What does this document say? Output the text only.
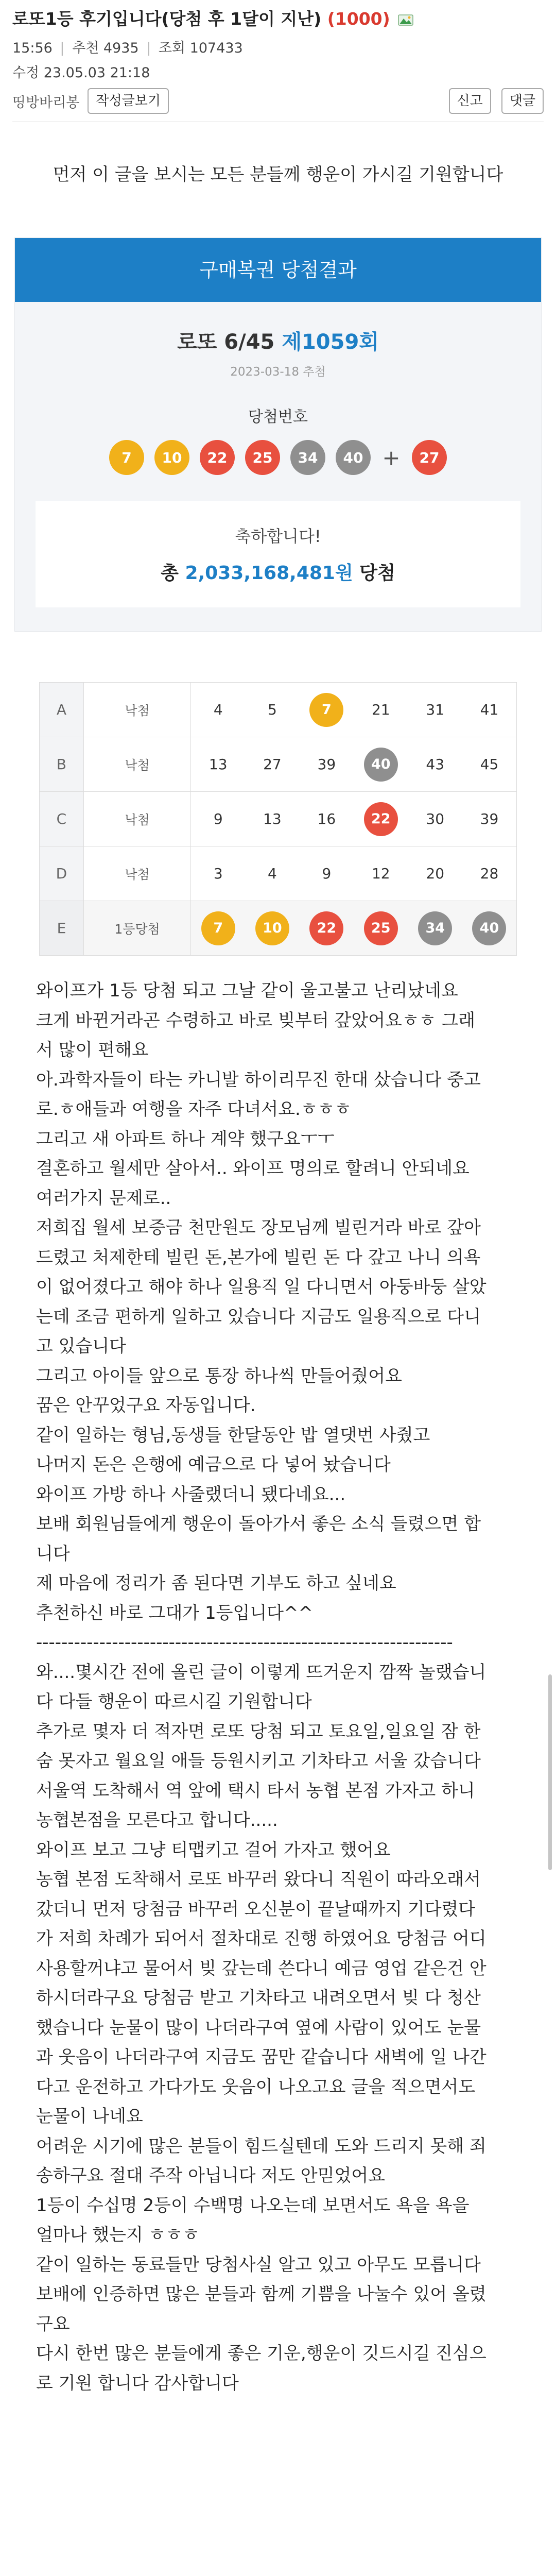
로또1등 후기입니다(당첨 후 1달이 지난) (1000)
15:56 | 추천 4935 | 조회 107433
수정 23.05.03 21:18
띵방바리봉	작성글보기	신고	댓글
먼저 이 글을 보시는 모든 분들께 행운이 가시길 기원합니다
구매복권 당첨결과
로또 6/45 제1059회
2023-03-18 추첨
당첨번호
7	10	22	25	34	40 +	27
축하합니다!
총 2,033,168,481원 당첨
A	낙첨	4	5	7	21	31	41
B	낙첨	13	27	39	40	43	45
C	낙첨	9	13	16	22	30	39
D	낙첨	3	4	9	12	20	28
E	1등당첨	7	10	22	25	34	40

와이프가 1등 당첨 되고 그날 같이 울고불고 난리났네요

크게 바뀐거라곤 수령하고 바로 빚부터 갚았어요ㅎㅎ 그래

서 많이 편해요

아.과학자들이 타는 카니발 하이리무진 한대 샀습니다 중고

로.ㅎ애들과 여행을 자주 다녀서요.ㅎㅎㅎ

그리고 새 아파트 하나 계약 했구요ㅜㅜ

결혼하고 월세만 살아서.. 와이프 명의로 할려니 안되네요

여러가지 문제로..

저희집 월세 보증금 천만원도 장모님께 빌린거라 바로 갚아

드렸고 처제한테 빌린 돈,본가에 빌린 돈 다 갚고 나니 의욕

이 없어졌다고 해야 하나 일용직 일 다니면서 아둥바둥 살았

는데 조금 편하게 일하고 있습니다 지금도 일용직으로 다니

고 있습니다

그리고 아이들 앞으로 통장 하나씩 만들어줬어요

꿈은 안꾸었구요 자동입니다.

같이 일하는 형님,동생들 한달동안 밥 열댓번 사줬고

나머지 돈은 은행에 예금으로 다 넣어 놨습니다

와이프 가방 하나 사줄랬더니 됐다네요...

보배 회원님들에게 행운이 돌아가서 좋은 소식 들렸으면 합

니다

제 마음에 정리가 좀 된다면 기부도 하고 싶네요

추천하신 바로 그대가 1등입니다^^

------------------------------------------------------------------

와....몇시간 전에 올린 글이 이렇게 뜨거운지 깜짝 놀랬습니

다 다들 행운이 따르시길 기원합니다

추가로 몇자 더 적자면 로또 당첨 되고 토요일,일요일 잠 한

숨 못자고 월요일 애들 등원시키고 기차타고 서울 갔습니다

서울역 도착해서 역 앞에 택시 타서 농협 본점 가자고 하니

농협본점을 모른다고 합니다.....

와이프 보고 그냥 티맵키고 걸어 가자고 했어요

농협 본점 도착해서 로또 바꾸러 왔다니 직원이 따라오래서

갔더니 먼저 당첨금 바꾸러 오신분이 끝날때까지 기다렸다

가 저희 차례가 되어서 절차대로 진행 하였어요 당첨금 어디

사용할꺼냐고 물어서 빚 갚는데 쓴다니 예금 영업 같은건 안

하시더라구요 당첨금 받고 기차타고 내려오면서 빚 다 청산

했습니다 눈물이 많이 나더라구여 옆에 사람이 있어도 눈물

과 웃음이 나더라구여 지금도 꿈만 같습니다 새벽에 일 나간

다고 운전하고 가다가도 웃음이 나오고요 글을 적으면서도

눈물이 나네요

어려운 시기에 많은 분들이 힘드실텐데 도와 드리지 못해 죄

송하구요 절대 주작 아닙니다 저도 안믿었어요

1등이 수십명 2등이 수백명 나오는데 보면서도 욕을 욕을

얼마나 했는지 ㅎㅎㅎ

같이 일하는 동료들만 당첨사실 알고 있고 아무도 모릅니다

보배에 인증하면 많은 분들과 함께 기쁨을 나눌수 있어 올렸

구요

다시 한번 많은 분들에게 좋은 기운,행운이 깃드시길 진심으

로 기원 합니다 감사합니다
